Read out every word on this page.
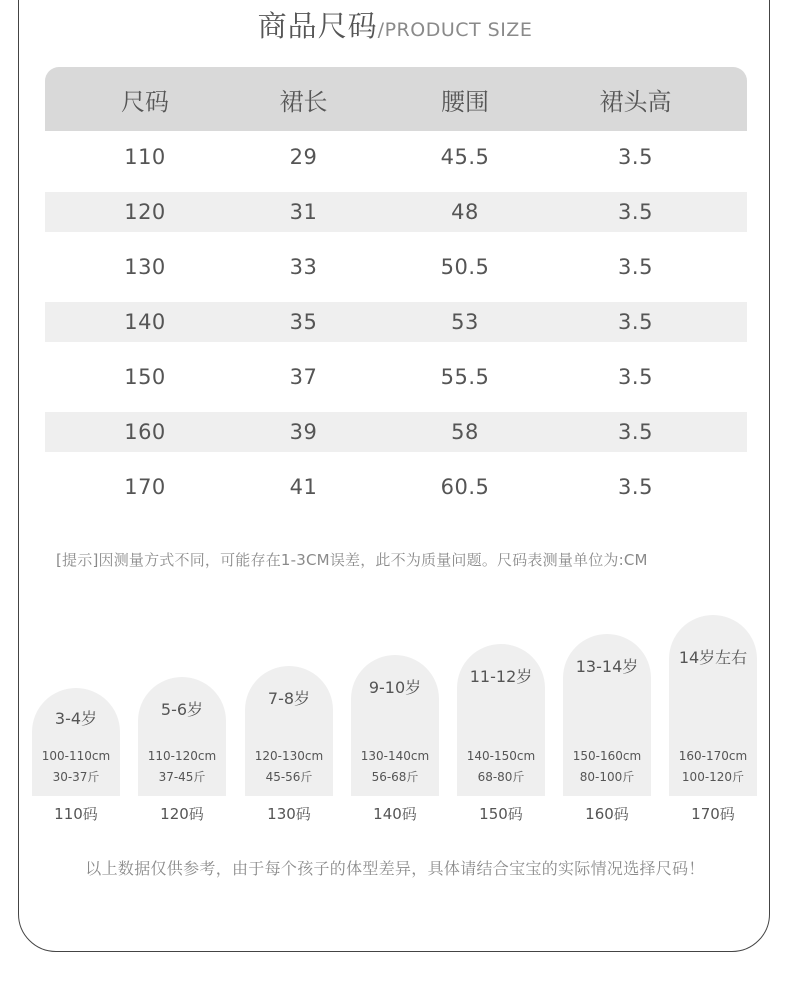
商品尺码/PRODUCT SIZE
尺码	裙长	腰围	裙头高
110	29	45.5	3.5
120	31	48	3.5
130	33	50.5	3.5
140	35	53	3.5
150	37	55.5	3.5
160	39	58	3.5
170	41	60.5	3.5
[提示]因测量方式不同，可能存在1-3CM误差，此不为质量问题。尺码表测量单位为:CM
3-4岁
100-110cm
30-37斤
110码
5-6岁
110-120cm
37-45斤
120码
7-8岁
120-130cm
45-56斤
130码
9-10岁
130-140cm
56-68斤
140码
11-12岁
140-150cm
68-80斤
150码
13-14岁
150-160cm
80-100斤
160码
14岁左右
160-170cm
100-120斤
170码
以上数据仅供参考，由于每个孩子的体型差异，具体请结合宝宝的实际情况选择尺码！
